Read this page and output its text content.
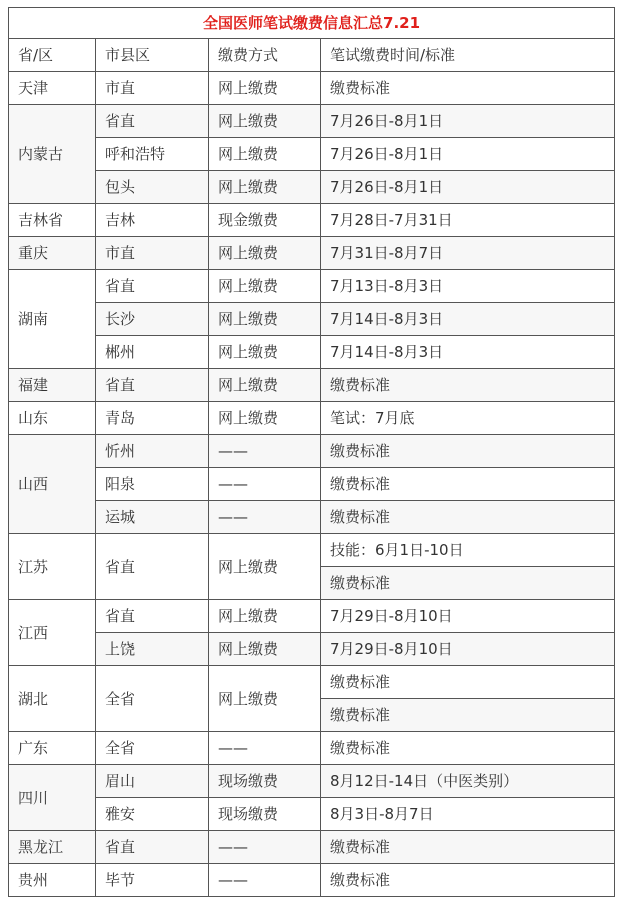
全国医师笔试缴费信息汇总7.21			
省/区	市县区	缴费方式	笔试缴费时间/标准
天津	市直	网上缴费	缴费标准
内蒙古	省直	网上缴费	7月26日-8月1日
	呼和浩特	网上缴费	7月26日-8月1日
	包头	网上缴费	7月26日-8月1日
吉林省	吉林	现金缴费	7月28日-7月31日
重庆	市直	网上缴费	7月31日-8月7日
湖南	省直	网上缴费	7月13日-8月3日
	长沙	网上缴费	7月14日-8月3日
	郴州	网上缴费	7月14日-8月3日
福建	省直	网上缴费	缴费标准
山东	青岛	网上缴费	笔试：7月底
山西	忻州	——	缴费标准
	阳泉	——	缴费标准
	运城	——	缴费标准
江苏	省直	网上缴费	技能：6月1日-10日
			缴费标准
江西	省直	网上缴费	7月29日-8月10日
	上饶	网上缴费	7月29日-8月10日
湖北	全省	网上缴费	缴费标准
			缴费标准
广东	全省	——	缴费标准
四川	眉山	现场缴费	8月12日-14日（中医类别）
	雅安	现场缴费	8月3日-8月7日
黑龙江	省直	——	缴费标准
贵州	毕节	——	缴费标准
